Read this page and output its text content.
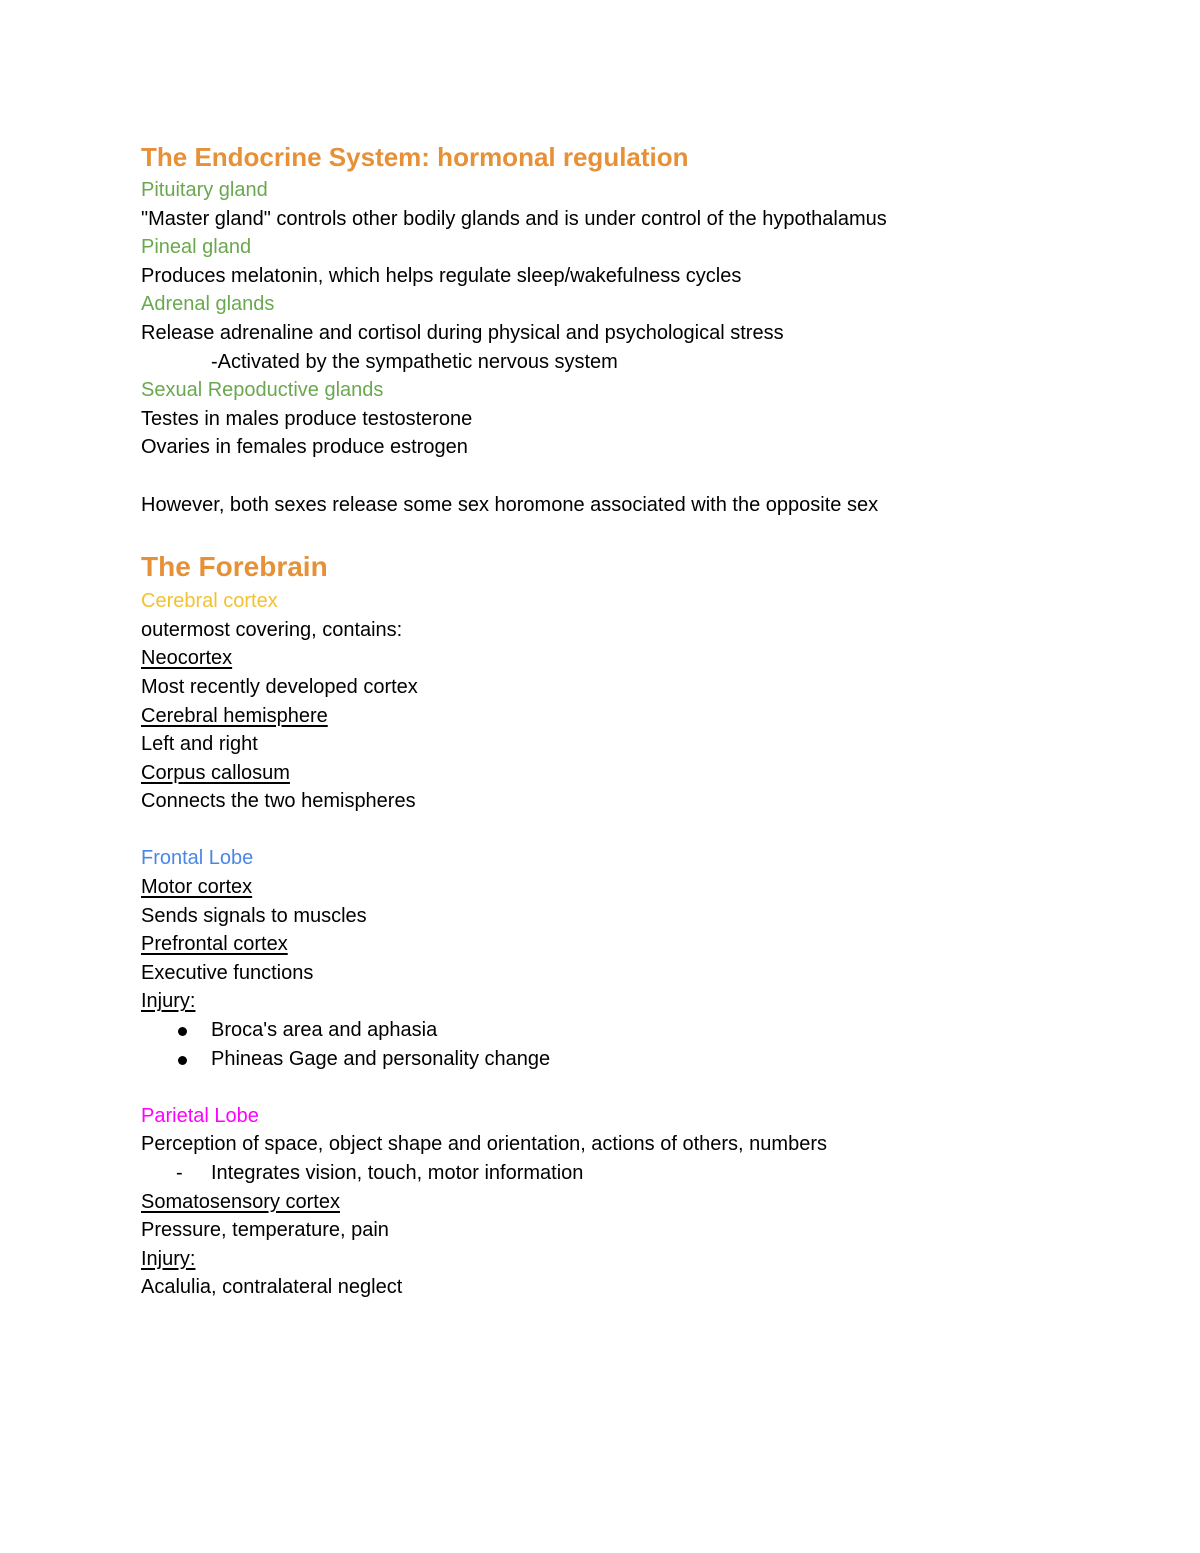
The Endocrine System: hormonal regulation
Pituitary gland
"Master gland" controls other bodily glands and is under control of the hypothalamus
Pineal gland
Produces melatonin, which helps regulate sleep/wakefulness cycles
Adrenal glands
Release adrenaline and cortisol during physical and psychological stress
-Activated by the sympathetic nervous system
Sexual Repoductive glands
Testes in males produce testosterone
Ovaries in females produce estrogen
However, both sexes release some sex horomone associated with the opposite sex
The Forebrain
Cerebral cortex
outermost covering, contains:
Neocortex
Most recently developed cortex
Cerebral hemisphere
Left and right
Corpus callosum
Connects the two hemispheres
Frontal Lobe
Motor cortex
Sends signals to muscles
Prefrontal cortex
Executive functions
Injury:
Broca's area and aphasia
Phineas Gage and personality change
Parietal Lobe
Perception of space, object shape and orientation, actions of others, numbers
- Integrates vision, touch, motor information
Somatosensory cortex
Pressure, temperature, pain
Injury:
Acalulia, contralateral neglect
